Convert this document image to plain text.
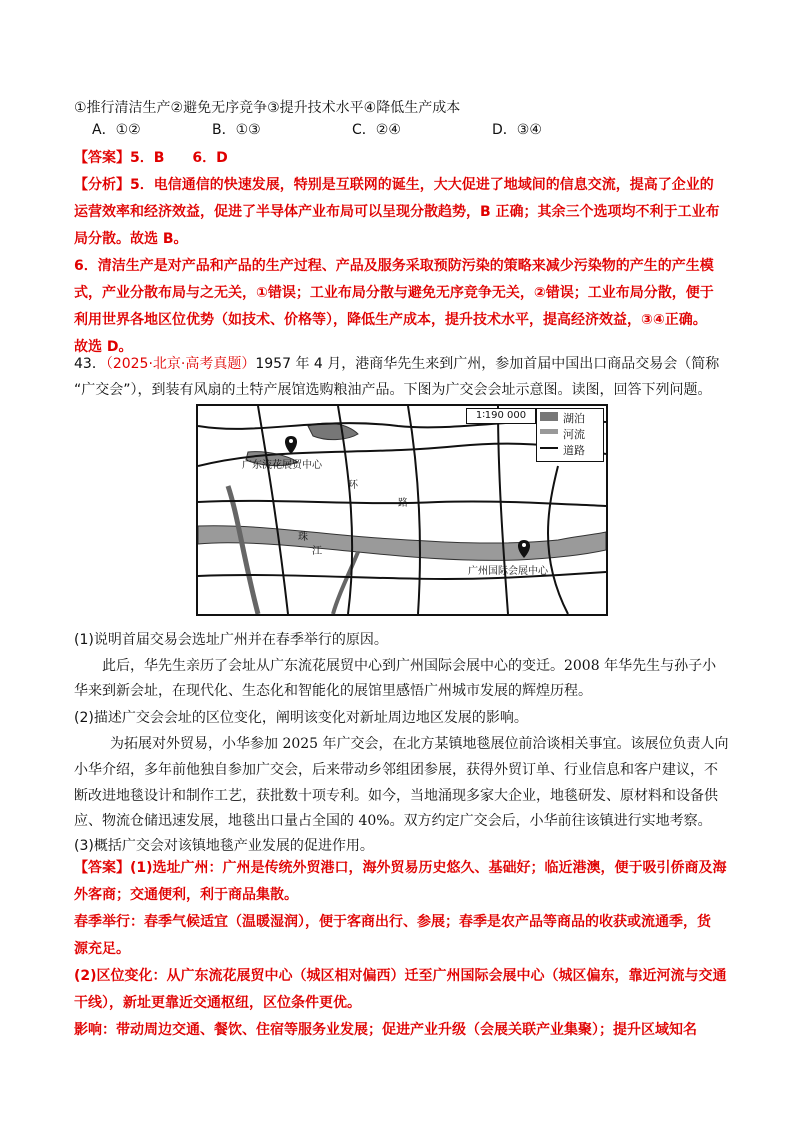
①推行清洁生产②避免无序竞争③提升技术水平④降低生产成本
A．①②	B．①③	C．②④	D．③④
【答案】5．B　　6．D
【分析】5．电信通信的快速发展，特别是互联网的诞生，大大促进了地域间的信息交流，提高了企业的
运营效率和经济效益，促进了半导体产业布局可以呈现分散趋势，B 正确；其余三个选项均不利于工业布
局分散。故选 B。
6．清洁生产是对产品和产品的生产过程、产品及服务采取预防污染的策略来减少污染物的产生的产生模
式，产业分散布局与之无关，①错误；工业布局分散与避免无序竞争无关，②错误；工业布局分散，便于
利用世界各地区位优势（如技术、价格等），降低生产成本，提升技术水平，提高经济效益，③④正确。
故选 D。
43．（2025·北京·高考真题）1957 年 4 月，港商华先生来到广州，参加首届中国出口商品交易会（简称
“广交会”），到装有风扇的土特产展馆选购粮油产品。下图为广交会会址示意图。读图，回答下列问题。
1∶190 000	湖泊
河流
道路
广东流花展贸中心
广州国际会展中心
环
路
珠
江
(1)说明首届交易会选址广州并在春季举行的原因。
此后，华先生亲历了会址从广东流花展贸中心到广州国际会展中心的变迁。2008 年华先生与孙子小
华来到新会址，在现代化、生态化和智能化的展馆里感悟广州城市发展的辉煌历程。
(2)描述广交会会址的区位变化，阐明该变化对新址周边地区发展的影响。
为拓展对外贸易，小华参加 2025 年广交会，在北方某镇地毯展位前洽谈相关事宜。该展位负责人向
小华介绍，多年前他独自参加广交会，后来带动乡邻组团参展，获得外贸订单、行业信息和客户建议，不
断改进地毯设计和制作工艺，获批数十项专利。如今，当地涌现多家大企业，地毯研发、原材料和设备供
应、物流仓储迅速发展，地毯出口量占全国的 40%。双方约定广交会后，小华前往该镇进行实地考察。
(3)概括广交会对该镇地毯产业发展的促进作用。
【答案】(1)选址广州：广州是传统外贸港口，海外贸易历史悠久、基础好；临近港澳，便于吸引侨商及海
外客商；交通便利，利于商品集散。
春季举行：春季气候适宜（温暖湿润），便于客商出行、参展；春季是农产品等商品的收获或流通季，货
源充足。
(2)区位变化：从广东流花展贸中心（城区相对偏西）迁至广州国际会展中心（城区偏东，靠近河流与交通
干线），新址更靠近交通枢纽，区位条件更优。
影响：带动周边交通、餐饮、住宿等服务业发展；促进产业升级（会展关联产业集聚）；提升区域知名
